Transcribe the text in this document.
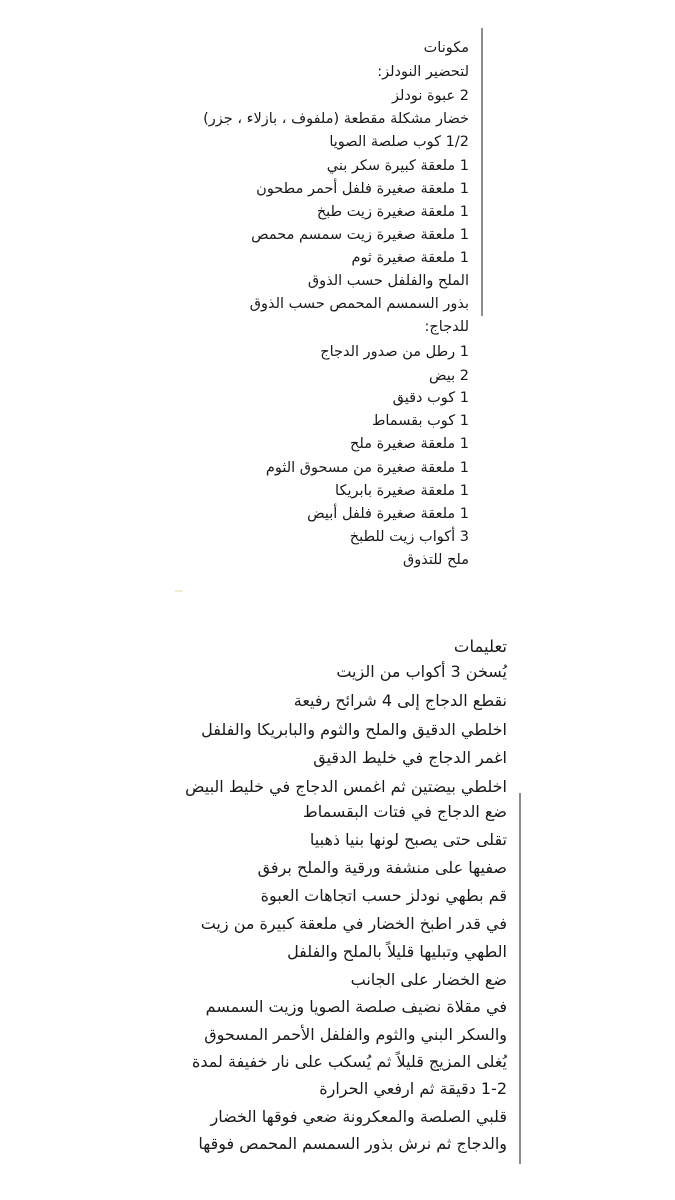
مكونات
لتحضير النودلز:
2 عبوة نودلز
خضار مشكلة مقطعة (ملفوف ، بازلاء ، جزر)
1/2 كوب صلصة الصويا
1 ملعقة كبيرة سكر بني
1 ملعقة صغيرة فلفل أحمر مطحون
1 ملعقة صغيرة زيت طبخ
1 ملعقة صغيرة زيت سمسم محمص
1 ملعقة صغيرة ثوم
الملح والفلفل حسب الذوق
بذور السمسم المحمص حسب الذوق
للدجاج:
1 رطل من صدور الدجاج
2 بيض
1 كوب دقيق
1 كوب بقسماط
1 ملعقة صغيرة ملح
1 ملعقة صغيرة من مسحوق الثوم
1 ملعقة صغيرة بابريكا
1 ملعقة صغيرة فلفل أبيض
3 أكواب زيت للطبخ
ملح للتذوق
تعليمات
يُسخن 3 أكواب من الزيت
نقطع الدجاج إلى 4 شرائح رفيعة
اخلطي الدقيق والملح والثوم والبابريكا والفلفل
اغمر الدجاج في خليط الدقيق
اخلطي بيضتين ثم اغمس الدجاج في خليط البيض
ضع الدجاج في فتات البقسماط
تقلى حتى يصبح لونها بنيا ذهبيا
صفيها على منشفة ورقية والملح برفق
قم بطهي نودلز حسب اتجاهات العبوة
في قدر اطبخ الخضار في ملعقة كبيرة من زيت
الطهي وتبليها قليلاً بالملح والفلفل
ضع الخضار على الجانب
في مقلاة نضيف صلصة الصويا وزيت السمسم
والسكر البني والثوم والفلفل الأحمر المسحوق
يُغلى المزيج قليلاً ثم يُسكب على نار خفيفة لمدة
1-2 دقيقة ثم ارفعي الحرارة
قلبي الصلصة والمعكرونة ضعي فوقها الخضار
والدجاج ثم نرش بذور السمسم المحمص فوقها
